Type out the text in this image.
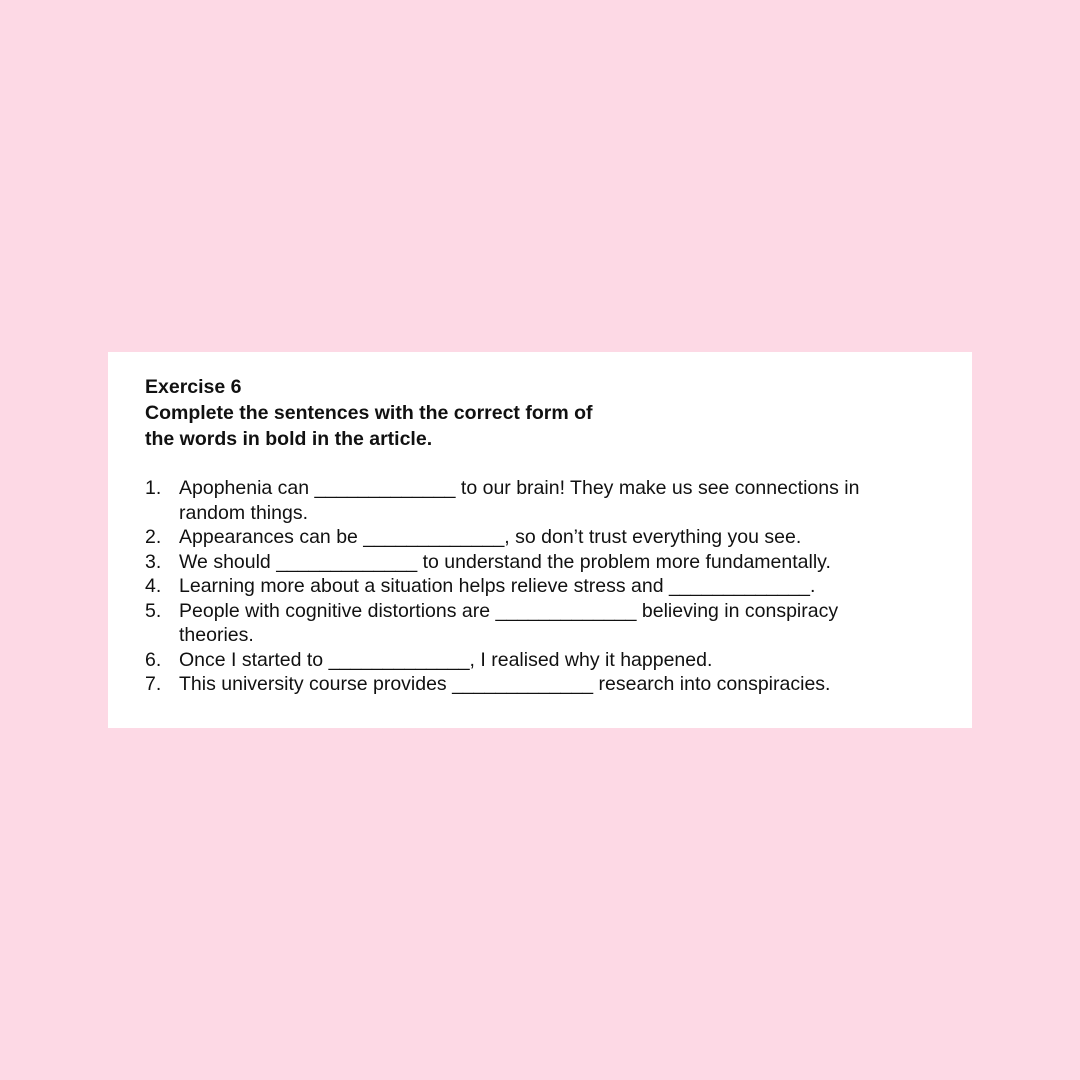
Exercise 6

Complete the sentences with the correct form of
the words in bold in the article.

1. Apophenia can _____________ to our brain! They make us see connections in random things.
2. Appearances can be _____________, so don’t trust everything you see.
3. We should _____________ to understand the problem more fundamentally.
4. Learning more about a situation helps relieve stress and _____________.
5. People with cognitive distortions are _____________ believing in conspiracy theories.
6. Once I started to _____________, I realised why it happened.
7. This university course provides _____________ research into conspiracies.
